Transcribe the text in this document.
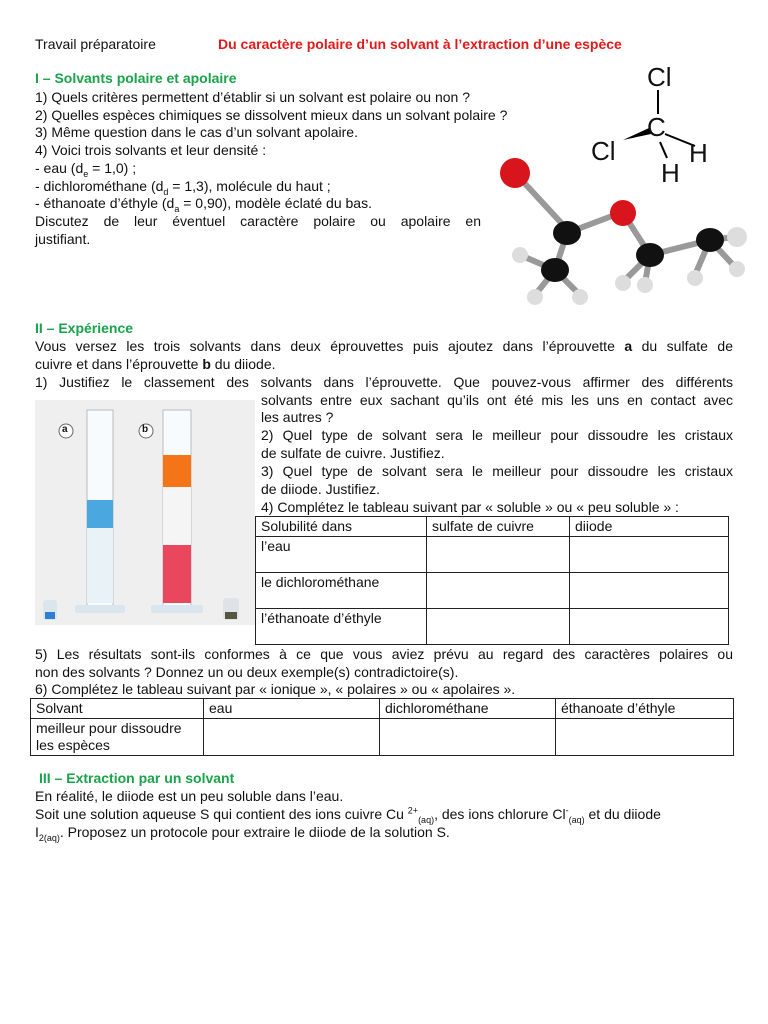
Travail préparatoire	Du caractère polaire d’un solvant à l’extraction d’une espèce
I – Solvants polaire et apolaire
1) Quels critères permettent d’établir si un solvant est polaire ou non ?
2) Quelles espèces chimiques se dissolvent mieux dans un solvant polaire ?
3) Même question dans le cas d’un solvant apolaire.
4) Voici trois solvants et leur densité :
- eau $(d_e = 1,0)$ ;
- dichlorométhane $(d_d = 1,3)$, molécule du haut ;
- éthanoate d’éthyle $(d_a = 0,90)$, modèle éclaté du bas.
Discutez de leur éventuel caractère polaire ou apolaire en
justifiant.
Cl
C
Cl	H
H
II – Expérience
Vous versez les trois solvants dans deux éprouvettes puis ajoutez dans l’éprouvette a du sulfate de
cuivre et dans l’éprouvette b du diiode.
1) Justifiez le classement des solvants dans l’éprouvette. Que pouvez-vous affirmer des différents
solvants entre eux sachant qu’ils ont été mis les uns en contact avec
les autres ?
2) Quel type de solvant sera le meilleur pour dissoudre les cristaux
de sulfate de cuivre. Justifiez.
3) Quel type de solvant sera le meilleur pour dissoudre les cristaux
de diiode. Justifiez.
4) Complétez le tableau suivant par « soluble » ou « peu soluble » :
a	b
Solubilité dans	sulfate de cuivre	diiode
l’eau		
le dichlorométhane		
l’éthanoate d’éthyle		
5) Les résultats sont-ils conformes à ce que vous aviez prévu au regard des caractères polaires ou
non des solvants ? Donnez un ou deux exemple(s) contradictoire(s).
6) Complétez le tableau suivant par « ionique », « polaires » ou « apolaires ».
Solvant	eau	dichlorométhane	éthanoate d’éthyle
meilleur pour dissoudre
les espèces			
III – Extraction par un solvant
En réalité, le diiode est un peu soluble dans l’eau.
Soit une solution aqueuse S qui contient des ions cuivre Cu $^{2+}_{(aq)}$, des ions chlorure $Cl^-_{(aq)}$ et du diiode
$I_{2(aq)}$. Proposez un protocole pour extraire le diiode de la solution S.
